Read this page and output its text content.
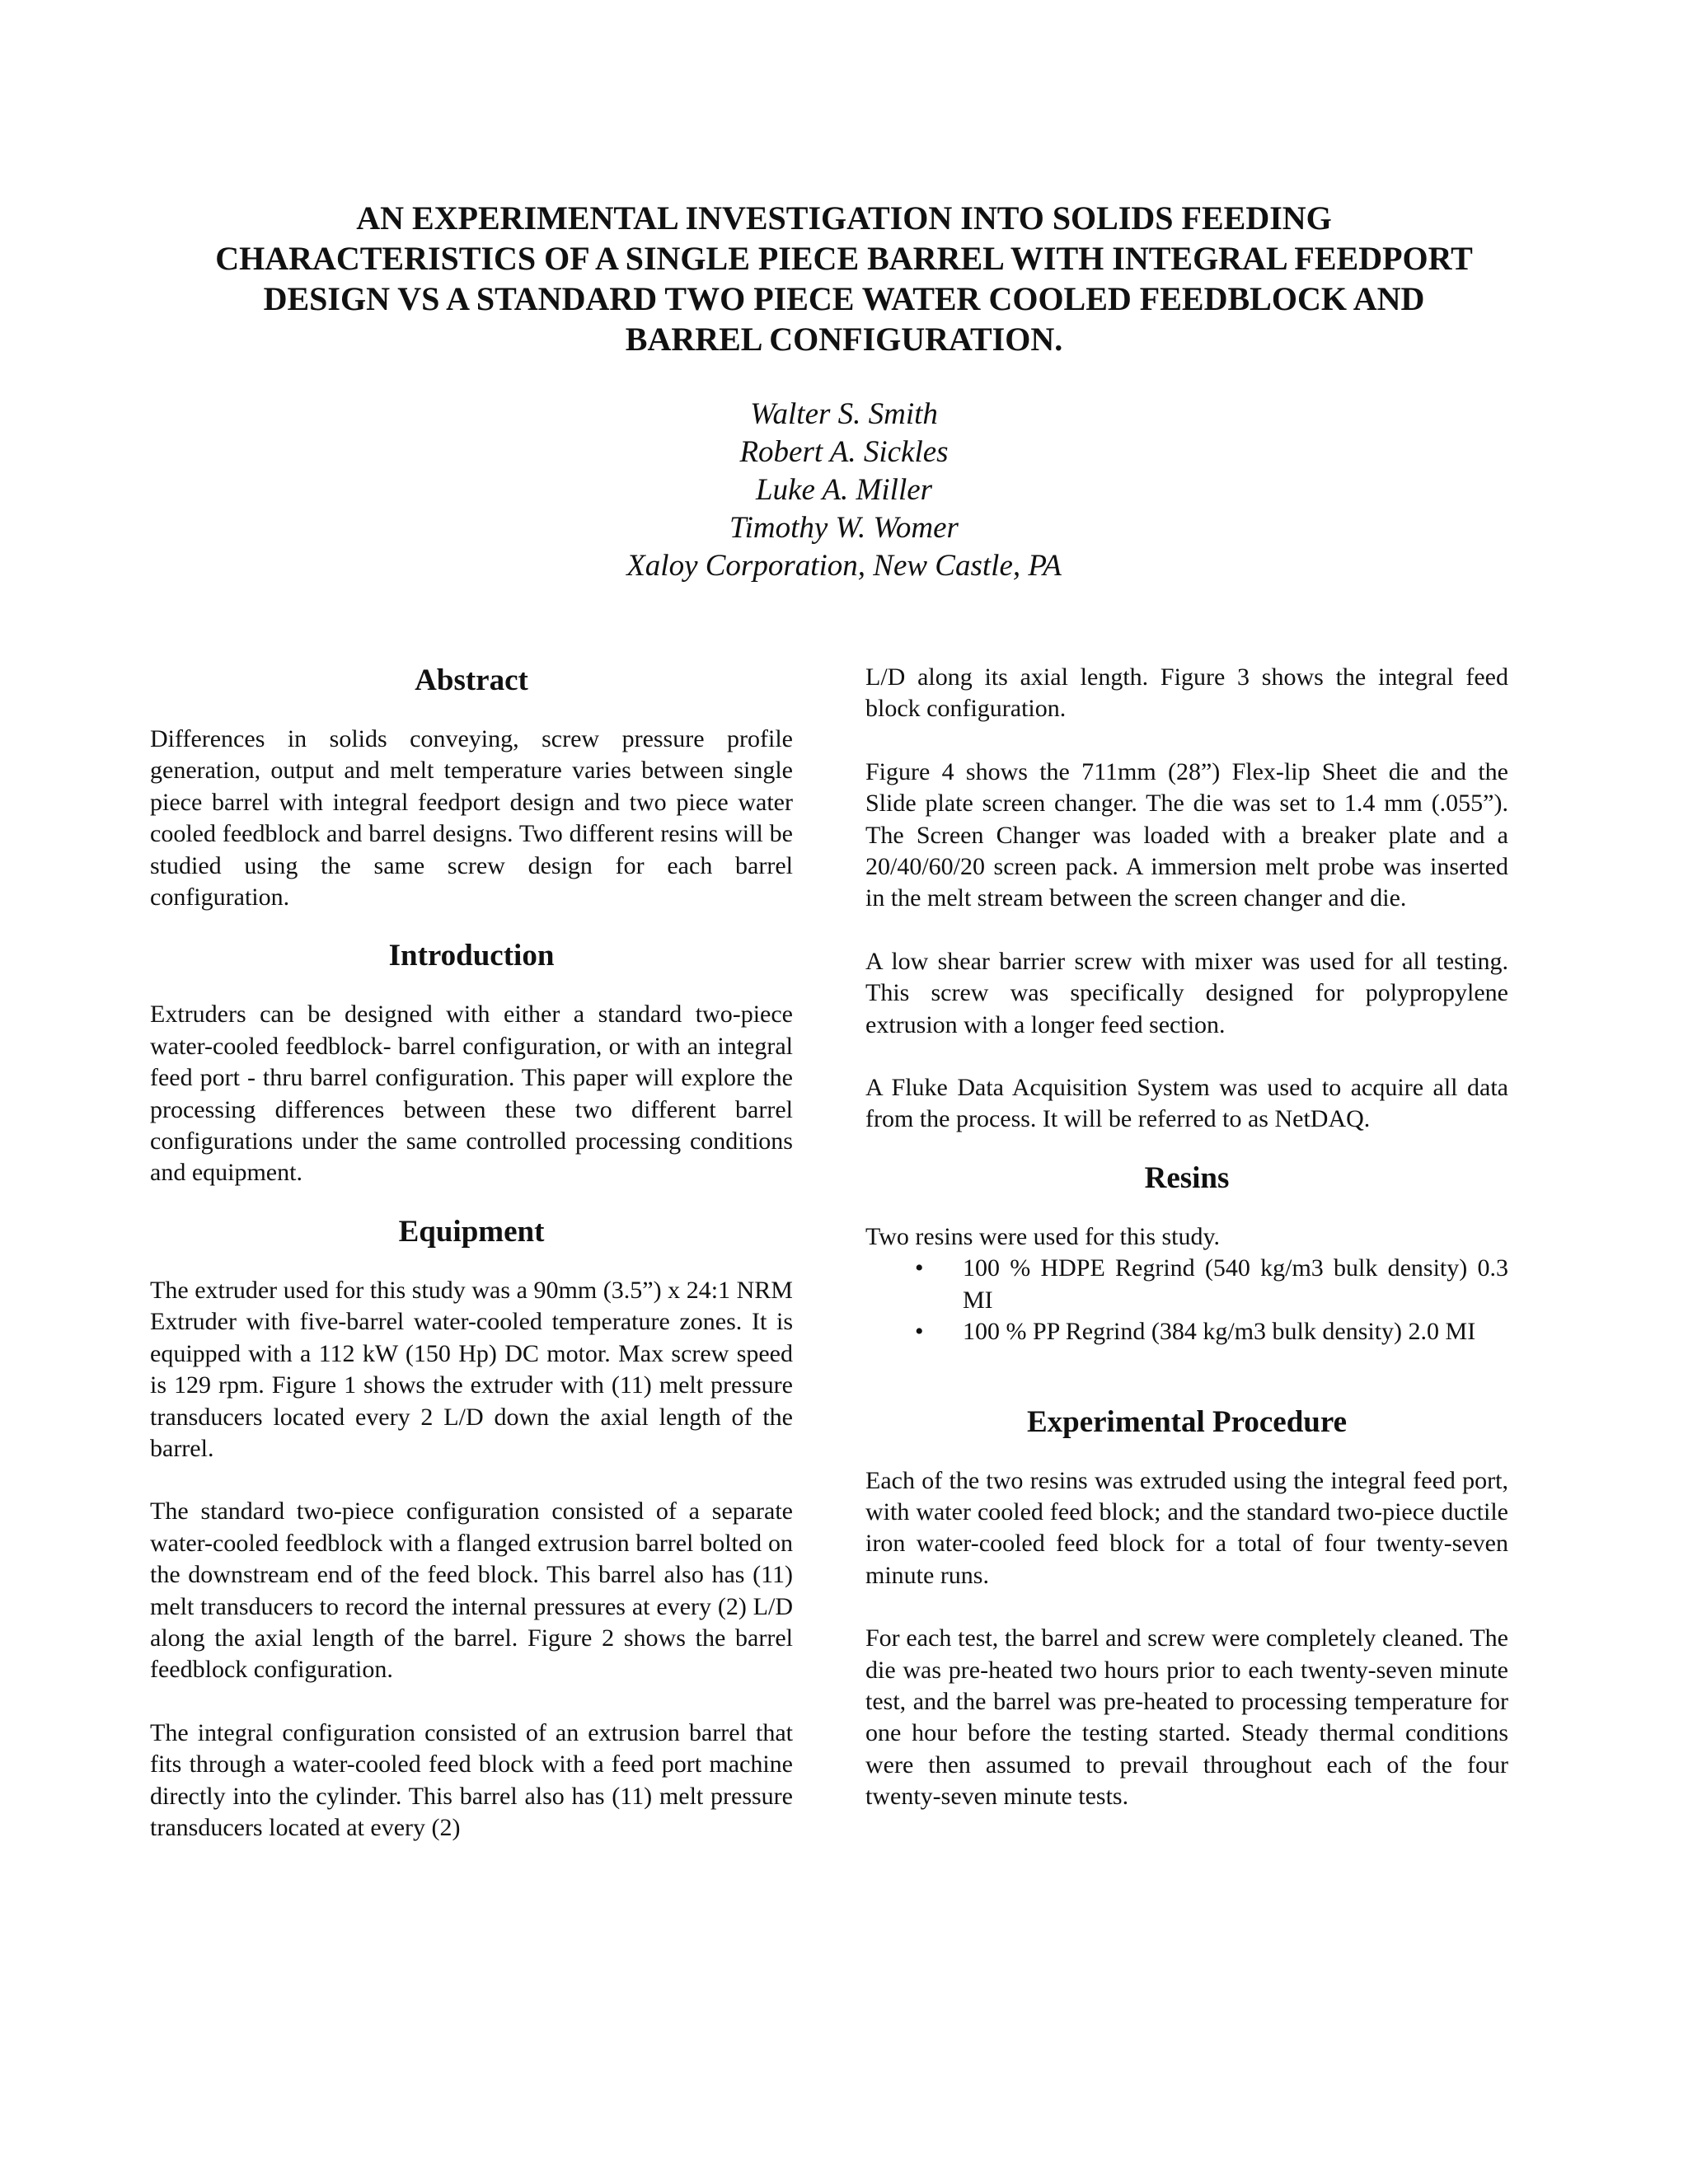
AN EXPERIMENTAL INVESTIGATION INTO SOLIDS FEEDING
CHARACTERISTICS OF A SINGLE PIECE BARREL WITH INTEGRAL FEEDPORT
DESIGN VS A STANDARD TWO PIECE WATER COOLED FEEDBLOCK AND
BARREL CONFIGURATION.
Walter S. Smith
Robert A. Sickles
Luke A. Miller
Timothy W. Womer
Xaloy Corporation, New Castle, PA
Abstract

Differences in solids conveying, screw pressure profile generation, output and melt temperature varies between single piece barrel with integral feedport design and two piece water cooled feedblock and barrel designs. Two different resins will be studied using the same screw design for each barrel configuration.

Introduction

Extruders can be designed with either a standard two-piece water-cooled feedblock- barrel configuration, or with an integral feed port - thru barrel configuration. This paper will explore the processing differences between these two different barrel configurations under the same controlled processing conditions and equipment.

Equipment

The extruder used for this study was a 90mm (3.5”) x 24:1 NRM Extruder with five-barrel water-cooled temperature zones. It is equipped with a 112 kW (150 Hp) DC motor. Max screw speed is 129 rpm. Figure 1 shows the extruder with (11) melt pressure transducers located every 2 L/D down the axial length of the barrel.

The standard two-piece configuration consisted of a separate water-cooled feedblock with a flanged extrusion barrel bolted on the downstream end of the feed block. This barrel also has (11) melt transducers to record the internal pressures at every (2) L/D along the axial length of the barrel. Figure 2 shows the barrel feedblock configuration.

The integral configuration consisted of an extrusion barrel that fits through a water-cooled feed block with a feed port machine directly into the cylinder. This barrel also has (11) melt pressure transducers located at every (2)

L/D along its axial length. Figure 3 shows the integral feed block configuration.

Figure 4 shows the 711mm (28”) Flex-lip Sheet die and the Slide plate screen changer. The die was set to 1.4 mm (.055”). The Screen Changer was loaded with a breaker plate and a 20/40/60/20 screen pack. A immersion melt probe was inserted in the melt stream between the screen changer and die.

A low shear barrier screw with mixer was used for all testing. This screw was specifically designed for polypropylene extrusion with a longer feed section.

A Fluke Data Acquisition System was used to acquire all data from the process. It will be referred to as NetDAQ.

Resins

Two resins were used for this study.

• 100 % HDPE Regrind (540 kg/m3 bulk density) 0.3 MI
• 100 % PP Regrind (384 kg/m3 bulk density) 2.0 MI
Experimental Procedure

Each of the two resins was extruded using the integral feed port, with water cooled feed block; and the standard two-piece ductile iron water-cooled feed block for a total of four twenty-seven minute runs.

For each test, the barrel and screw were completely cleaned. The die was pre-heated two hours prior to each twenty-seven minute test, and the barrel was pre-heated to processing temperature for one hour before the testing started. Steady thermal conditions were then assumed to prevail throughout each of the four twenty-seven minute tests.
